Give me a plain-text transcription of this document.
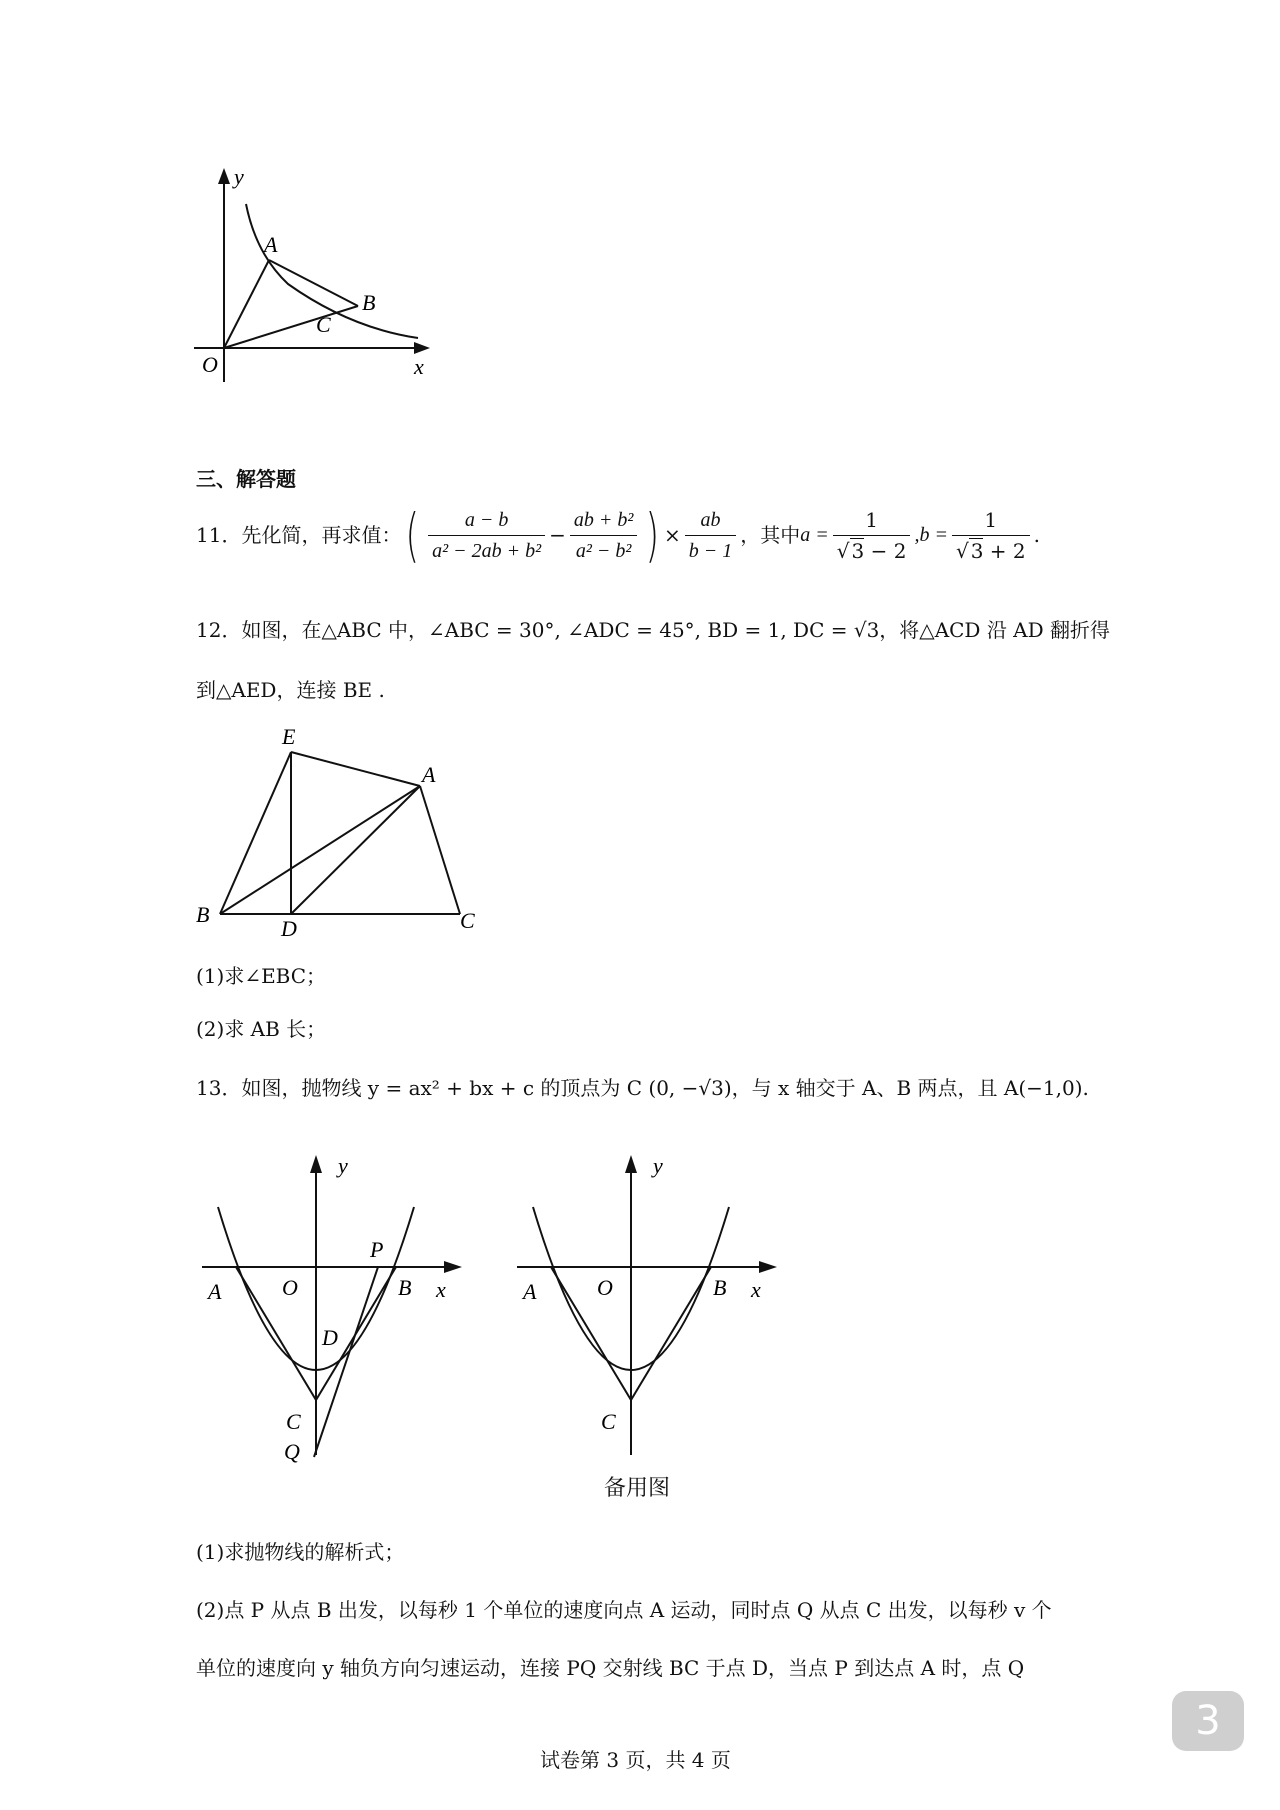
y
A
B
C
O	x
三、解答题
11．先化简，再求值： ( $\frac{a - b}{\text{a² − 2ab + b²}} - \frac{\text{ab + b²}}{\text{a² − b²}}$ ) × $\frac{ab}{b - 1}$ ，其中 $a = \frac{1}{√ 3 - 2} ,b = \frac{1}{√ 3 + 2}$ .
12．如图，在△ABC 中，∠ABC = 30°, ∠ADC = 45°, BD = 1, DC = √3，将△ACD 沿 AD 翻折得
到△AED，连接 BE .
E
A
B
D	C
(1)求∠EBC；
(2)求 AB 长；
13．如图，抛物线 y = ax² + bx + c 的顶点为 C (0, −√3)，与 x 轴交于 A、B 两点，且 A(−1,0).
y
P
A	O	B x
D
C
Q
y
A	O	B x
C
备用图
(1)求抛物线的解析式；
(2)点 P 从点 B 出发，以每秒 1 个单位的速度向点 A 运动，同时点 Q 从点 C 出发，以每秒 v 个
单位的速度向 y 轴负方向匀速运动，连接 PQ 交射线 BC 于点 D，当点 P 到达点 A 时，点 Q
试卷第 3 页，共 4 页
3
